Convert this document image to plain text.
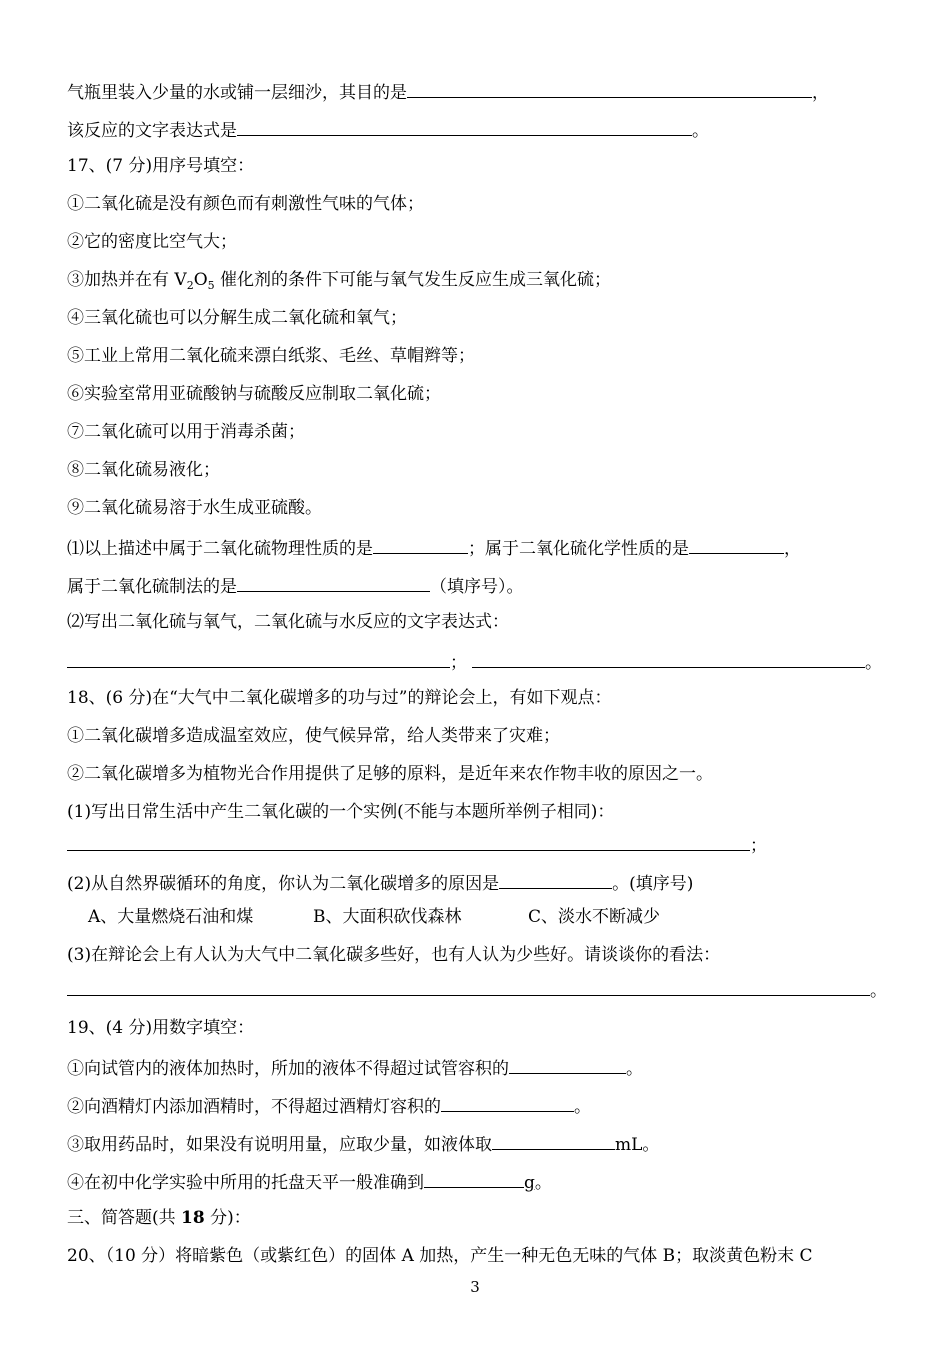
气瓶里装入少量的水或铺一层细沙，其目的是	，
该反应的文字表达式是	。
17、(7 分)用序号填空：
①二氧化硫是没有颜色而有刺激性气味的气体；
②它的密度比空气大；
③加热并在有 $V_2O_5$ 催化剂的条件下可能与氧气发生反应生成三氧化硫；
④三氧化硫也可以分解生成二氧化硫和氧气；
⑤工业上常用二氧化硫来漂白纸浆、毛丝、草帽辫等；
⑥实验室常用亚硫酸钠与硫酸反应制取二氧化硫；
⑦二氧化硫可以用于消毒杀菌；
⑧二氧化硫易液化；
⑨二氧化硫易溶于水生成亚硫酸。
⑴以上描述中属于二氧化硫物理性质的是	；属于二氧化硫化学性质的是	，
属于二氧化硫制法的是	（填序号）。
⑵写出二氧化硫与氧气，二氧化硫与水反应的文字表达式：
；	。
18、(6 分)在“大气中二氧化碳增多的功与过”的辩论会上，有如下观点：
①二氧化碳增多造成温室效应，使气候异常，给人类带来了灾难；
②二氧化碳增多为植物光合作用提供了足够的原料，是近年来农作物丰收的原因之一。
(1)写出日常生活中产生二氧化碳的一个实例(不能与本题所举例子相同)：
；
(2)从自然界碳循环的角度，你认为二氧化碳增多的原因是	。(填序号)
A、大量燃烧石油和煤	B、大面积砍伐森林	C、淡水不断减少
(3)在辩论会上有人认为大气中二氧化碳多些好，也有人认为少些好。请谈谈你的看法：
。
19、(4 分)用数字填空：
①向试管内的液体加热时，所加的液体不得超过试管容积的	。
②向酒精灯内添加酒精时，不得超过酒精灯容积的	。
③取用药品时，如果没有说明用量，应取少量，如液体取	mL。
④在初中化学实验中所用的托盘天平一般准确到	g。
三、简答题(共 18 分)：
20、（10 分）将暗紫色（或紫红色）的固体 A 加热，产生一种无色无味的气体 B；取淡黄色粉末 C
3
